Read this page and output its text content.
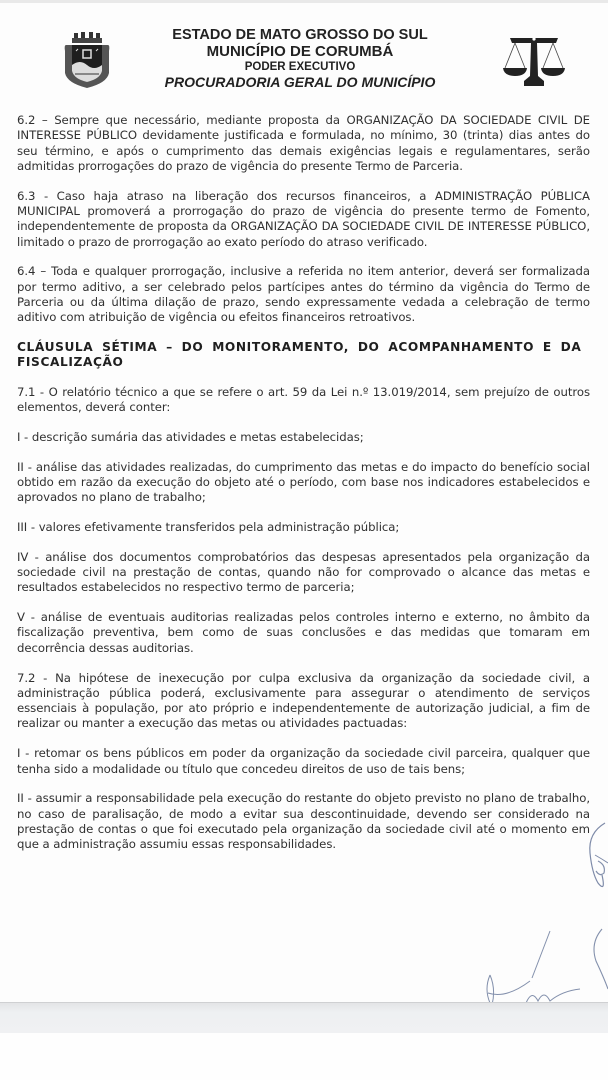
ESTADO DE MATO GROSSO DO SUL
MUNICÍPIO DE CORUMBÁ
PODER EXECUTIVO
PROCURADORIA GERAL DO MUNICÍPIO

6.2 – Sempre que necessário, mediante proposta da ORGANIZAÇÃO DA SOCIEDADE CIVIL DE INTERESSE PÚBLICO devidamente justificada e formulada, no mínimo, 30 (trinta) dias antes do seu término, e após o cumprimento das demais exigências legais e regulamentares, serão admitidas prorrogações do prazo de vigência do presente Termo de Parceria.

6.3 - Caso haja atraso na liberação dos recursos financeiros, a ADMINISTRAÇÃO PÚBLICA MUNICIPAL promoverá a prorrogação do prazo de vigência do presente termo de Fomento, independentemente de proposta da ORGANIZAÇÃO DA SOCIEDADE CIVIL DE INTERESSE PÚBLICO, limitado o prazo de prorrogação ao exato período do atraso verificado.

6.4 – Toda e qualquer prorrogação, inclusive a referida no item anterior, deverá ser formalizada por termo aditivo, a ser celebrado pelos partícipes antes do término da vigência do Termo de Parceria ou da última dilação de prazo, sendo expressamente vedada a celebração de termo aditivo com atribuição de vigência ou efeitos financeiros retroativos.

CLÁUSULA SÉTIMA – DO MONITORAMENTO, DO ACOMPANHAMENTO E DA FISCALIZAÇÃO

7.1 - O relatório técnico a que se refere o art. 59 da Lei n.º 13.019/2014, sem prejuízo de outros elementos, deverá conter:

I - descrição sumária das atividades e metas estabelecidas;

II - análise das atividades realizadas, do cumprimento das metas e do impacto do benefício social obtido em razão da execução do objeto até o período, com base nos indicadores estabelecidos e aprovados no plano de trabalho;

III - valores efetivamente transferidos pela administração pública;

IV - análise dos documentos comprobatórios das despesas apresentados pela organização da sociedade civil na prestação de contas, quando não for comprovado o alcance das metas e resultados estabelecidos no respectivo termo de parceria;

V - análise de eventuais auditorias realizadas pelos controles interno e externo, no âmbito da fiscalização preventiva, bem como de suas conclusões e das medidas que tomaram em decorrência dessas auditorias.

7.2 - Na hipótese de inexecução por culpa exclusiva da organização da sociedade civil, a administração pública poderá, exclusivamente para assegurar o atendimento de serviços essenciais à população, por ato próprio e independentemente de autorização judicial, a fim de realizar ou manter a execução das metas ou atividades pactuadas:

I - retomar os bens públicos em poder da organização da sociedade civil parceira, qualquer que tenha sido a modalidade ou título que concedeu direitos de uso de tais bens;

II - assumir a responsabilidade pela execução do restante do objeto previsto no plano de trabalho, no caso de paralisação, de modo a evitar sua descontinuidade, devendo ser considerado na prestação de contas o que foi executado pela organização da sociedade civil até o momento em que a administração assumiu essas responsabilidades.
